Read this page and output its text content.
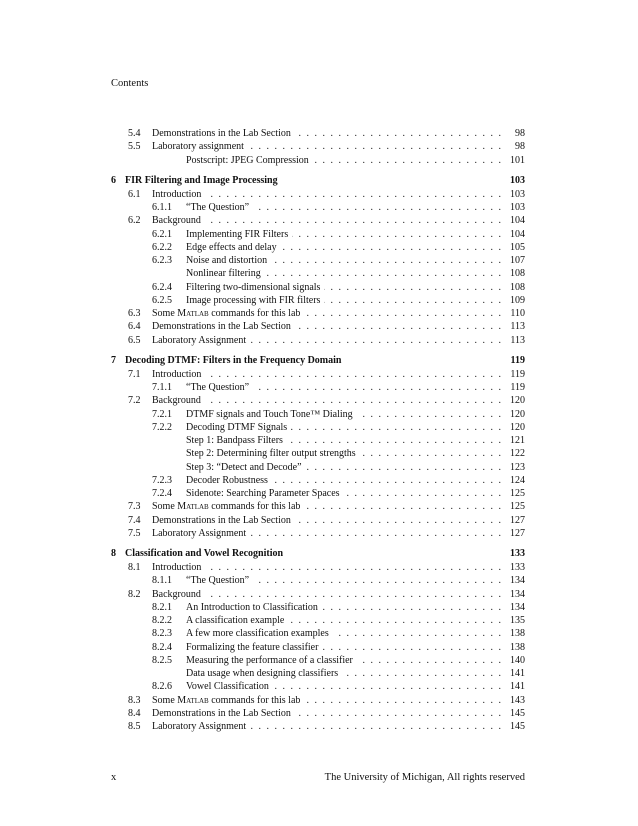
Contents
5.4 Demonstrations in the Lab Section . . .	98
5.5 Laboratory assignment . . .	98
Postscript: JPEG Compression . . .	101
6 FIR Filtering and Image Processing	103
6.1 Introduction . . .	103
6.1.1 “The Question” . . .	103
6.2 Background . . .	104
6.2.1 Implementing FIR Filters . . .	104
6.2.2 Edge effects and delay . . .	105
6.2.3 Noise and distortion . . .	107
Nonlinear filtering . . .	108
6.2.4 Filtering two-dimensional signals . . .	108
6.2.5 Image processing with FIR filters . . .	109
6.3 Some Matlab commands for this lab . . .	110
6.4 Demonstrations in the Lab Section . . .	113
6.5 Laboratory Assignment . . .	113
7 Decoding DTMF: Filters in the Frequency Domain	119
7.1 Introduction . . .	119
7.1.1 “The Question” . . .	119
7.2 Background . . .	120
7.2.1 DTMF signals and Touch Tone™ Dialing . . .	120
7.2.2 Decoding DTMF Signals . . .	120
Step 1: Bandpass Filters . . .	121
Step 2: Determining filter output strengths . . .	122
Step 3: “Detect and Decode” . . .	123
7.2.3 Decoder Robustness . . .	124
7.2.4 Sidenote: Searching Parameter Spaces . . .	125
7.3 Some Matlab commands for this lab . . .	125
7.4 Demonstrations in the Lab Section . . .	127
7.5 Laboratory Assignment . . .	127
8 Classification and Vowel Recognition	133
8.1 Introduction . . .	133
8.1.1 “The Question” . . .	134
8.2 Background . . .	134
8.2.1 An Introduction to Classification . . .	134
8.2.2 A classification example . . .	135
8.2.3 A few more classification examples . . .	138
8.2.4 Formalizing the feature classifier . . .	138
8.2.5 Measuring the performance of a classifier . . .	140
Data usage when designing classifiers . . .	141
8.2.6 Vowel Classification . . .	141
8.3 Some Matlab commands for this lab . . .	143
8.4 Demonstrations in the Lab Section . . .	145
8.5 Laboratory Assignment . . .	145
x	The University of Michigan, All rights reserved
